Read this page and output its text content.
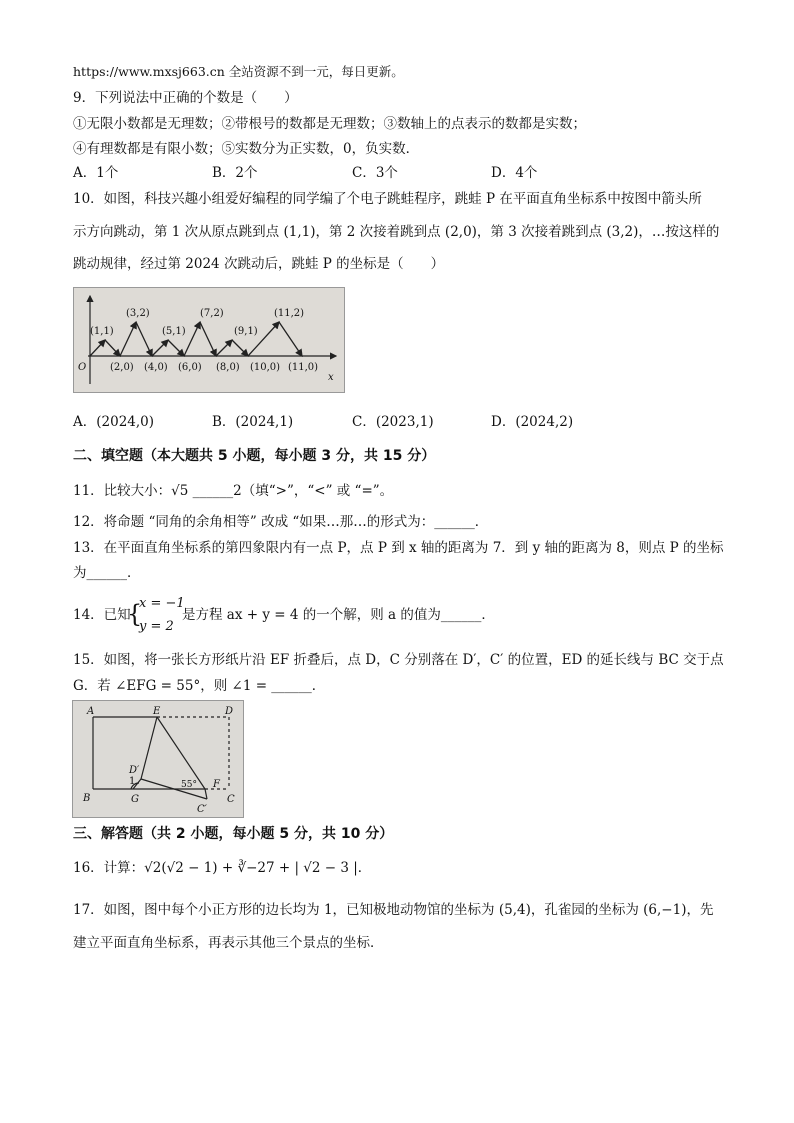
https://www.mxsj663.cn 全站资源不到一元，每日更新。
9．下列说法中正确的个数是（　　）
①无限小数都是无理数；②带根号的数都是无理数；③数轴上的点表示的数都是实数；
④有理数都是有限小数；⑤实数分为正实数，0，负实数．
A．1个	B．2个	C．3个	D．4个
10．如图，科技兴趣小组爱好编程的同学编了个电子跳蛙程序，跳蛙 P 在平面直角坐标系中按图中箭头所
示方向跳动，第 1 次从原点跳到点 (1,1)，第 2 次接着跳到点 (2,0)，第 3 次接着跳到点 (3,2)，…按这样的
跳动规律，经过第 2024 次跳动后，跳蛙 P 的坐标是（　　）
(1,1)
(3,2)
(5,1)
(7,2)
(9,1)
(11,2)
(2,0) (4,0) (6,0) (8,0) (10,0) (11,0)
O
x
A．(2024,0)	B．(2024,1)	C．(2023,1)	D．(2024,2)
二、填空题（本大题共 5 小题，每小题 3 分，共 15 分）
11．比较大小：√5 ______2（填“>”，“<” 或 “=”。
12．将命题 “同角的余角相等” 改成 “如果…那…的形式为：______．
13．在平面直角坐标系的第四象限内有一点 P，点 P 到 x 轴的距离为 7．到 y 轴的距离为 8，则点 P 的坐标
为______．
14．已知
{
x = −1
y = 2
是方程 ax + y = 4 的一个解，则 a 的值为______．
15．如图，将一张长方形纸片沿 EF 折叠后，点 D，C 分别落在 D′，C′ 的位置，ED 的延长线与 BC 交于点
G．若 ∠EFG = 55°，则 ∠1 = ______．
A	E	D
B	G	C
F
D′
C′
1	55°
三、解答题（共 2 小题，每小题 5 分，共 10 分）
16．计算：√2(√2 − 1) + ∛−27 + | √2 − 3 |．
17．如图，图中每个小正方形的边长均为 1，已知极地动物馆的坐标为 (5,4)，孔雀园的坐标为 (6,−1)，先
建立平面直角坐标系，再表示其他三个景点的坐标．
